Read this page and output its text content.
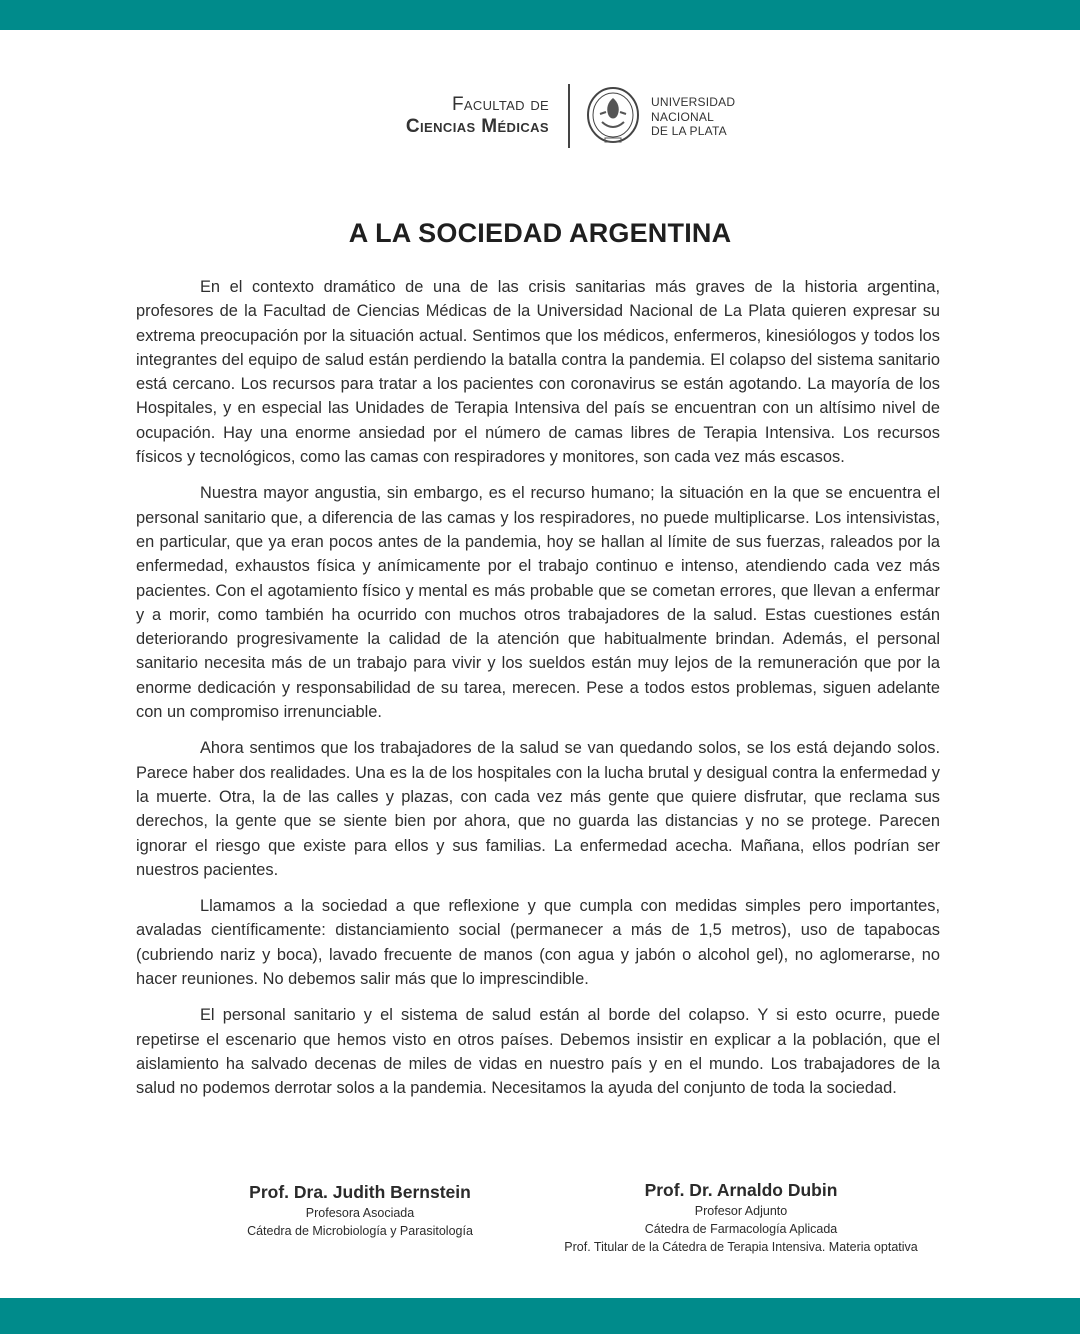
Facultad de
Ciencias Médicas
UNIVERSIDAD
NACIONAL
DE LA PLATA
A LA SOCIEDAD ARGENTINA

En el contexto dramático de una de las crisis sanitarias más graves de la historia argentina, profesores de la Facultad de Ciencias Médicas de la Universidad Nacional de La Plata quieren expresar su extrema preocupación por la situación actual. Sentimos que los médicos, enfermeros, kinesiólogos y todos los integrantes del equipo de salud están perdiendo la batalla contra la pandemia. El colapso del sistema sanitario está cercano. Los recursos para tratar a los pacientes con coronavirus se están agotando. La mayoría de los Hospitales, y en especial las Unidades de Terapia Intensiva del país se encuentran con un altísimo nivel de ocupación. Hay una enorme ansiedad por el número de camas libres de Terapia Intensiva. Los recursos físicos y tecnológicos, como las camas con respiradores y monitores, son cada vez más escasos.

Nuestra mayor angustia, sin embargo, es el recurso humano; la situación en la que se encuentra el personal sanitario que, a diferencia de las camas y los respiradores, no puede multiplicarse. Los intensivistas, en particular, que ya eran pocos antes de la pandemia, hoy se hallan al límite de sus fuerzas, raleados por la enfermedad, exhaustos física y anímicamente por el trabajo continuo e intenso, atendiendo cada vez más pacientes. Con el agotamiento físico y mental es más probable que se cometan errores, que llevan a enfermar y a morir, como también ha ocurrido con muchos otros trabajadores de la salud. Estas cuestiones están deteriorando progresivamente la calidad de la atención que habitualmente brindan. Además, el personal sanitario necesita más de un trabajo para vivir y los sueldos están muy lejos de la remuneración que por la enorme dedicación y responsabilidad de su tarea, merecen. Pese a todos estos problemas, siguen adelante con un compromiso irrenunciable.

Ahora sentimos que los trabajadores de la salud se van quedando solos, se los está dejando solos. Parece haber dos realidades. Una es la de los hospitales con la lucha brutal y desigual contra la enfermedad y la muerte. Otra, la de las calles y plazas, con cada vez más gente que quiere disfrutar, que reclama sus derechos, la gente que se siente bien por ahora, que no guarda las distancias y no se protege. Parecen ignorar el riesgo que existe para ellos y sus familias. La enfermedad acecha. Mañana, ellos podrían ser nuestros pacientes.

Llamamos a la sociedad a que reflexione y que cumpla con medidas simples pero importantes, avaladas científicamente: distanciamiento social (permanecer a más de 1,5 metros), uso de tapabocas (cubriendo nariz y boca), lavado frecuente de manos (con agua y jabón o alcohol gel), no aglomerarse, no hacer reuniones. No debemos salir más que lo imprescindible.

El personal sanitario y el sistema de salud están al borde del colapso. Y si esto ocurre, puede repetirse el escenario que hemos visto en otros países. Debemos insistir en explicar a la población, que el aislamiento ha salvado decenas de miles de vidas en nuestro país y en el mundo. Los trabajadores de la salud no podemos derrotar solos a la pandemia. Necesitamos la ayuda del conjunto de toda la sociedad.

Prof. Dra. Judith Bernstein
Profesora Asociada
Cátedra de Microbiología y Parasitología
Prof. Dr. Arnaldo Dubin
Profesor Adjunto
Cátedra de Farmacología Aplicada
Prof. Titular de la Cátedra de Terapia Intensiva. Materia optativa
